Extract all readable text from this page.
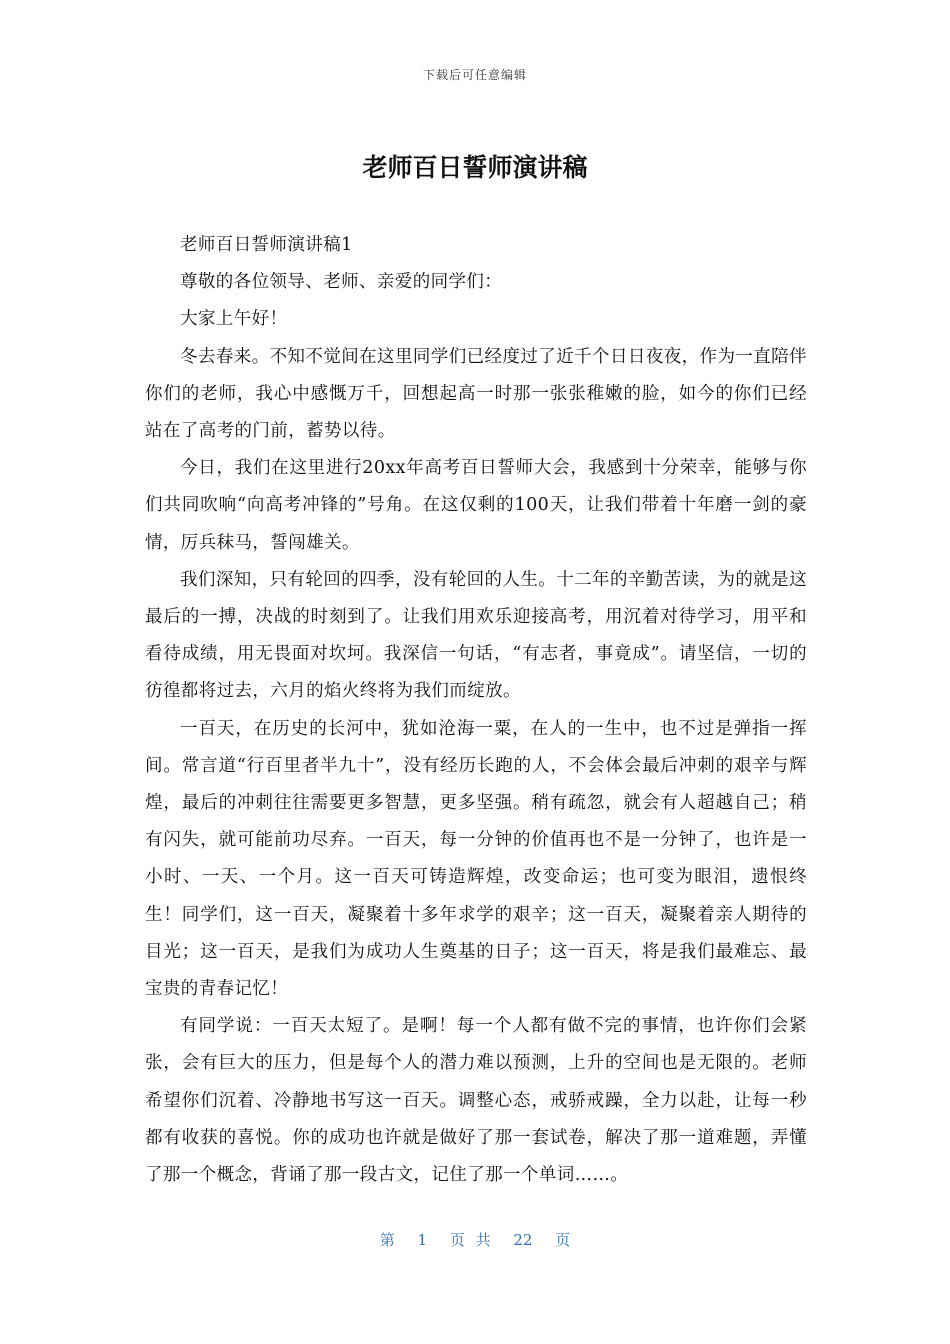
下载后可任意编辑
老师百日誓师演讲稿

老师百日誓师演讲稿1

尊敬的各位领导、老师、亲爱的同学们：

大家上午好！

冬去春来。不知不觉间在这里同学们已经度过了近千个日日夜夜，作为一直陪伴你们的老师，我心中感慨万千，回想起高一时那一张张稚嫩的脸，如今的你们已经站在了高考的门前，蓄势以待。

今日，我们在这里进行20xx年高考百日誓师大会，我感到十分荣幸，能够与你们共同吹响“向高考冲锋的”号角。在这仅剩的100天，让我们带着十年磨一剑的豪情，厉兵秣马，誓闯雄关。

我们深知，只有轮回的四季，没有轮回的人生。十二年的辛勤苦读，为的就是这最后的一搏，决战的时刻到了。让我们用欢乐迎接高考，用沉着对待学习，用平和看待成绩，用无畏面对坎坷。我深信一句话，“有志者，事竟成”。请坚信，一切的彷徨都将过去，六月的焰火终将为我们而绽放。

一百天，在历史的长河中，犹如沧海一粟，在人的一生中，也不过是弹指一挥间。常言道“行百里者半九十”，没有经历长跑的人，不会体会最后冲刺的艰辛与辉煌，最后的冲刺往往需要更多智慧，更多坚强。稍有疏忽，就会有人超越自己；稍有闪失，就可能前功尽弃。一百天，每一分钟的价值再也不是一分钟了，也许是一小时、一天、一个月。这一百天可铸造辉煌，改变命运；也可变为眼泪，遗恨终生！同学们，这一百天，凝聚着十多年求学的艰辛；这一百天，凝聚着亲人期待的目光；这一百天，是我们为成功人生奠基的日子；这一百天，将是我们最难忘、最宝贵的青春记忆！

有同学说：一百天太短了。是啊！每一个人都有做不完的事情，也许你们会紧张，会有巨大的压力，但是每个人的潜力难以预测，上升的空间也是无限的。老师希望你们沉着、冷静地书写这一百天。调整心态，戒骄戒躁，全力以赴，让每一秒都有收获的喜悦。你的成功也许就是做好了那一套试卷，解决了那一道难题，弄懂了那一个概念，背诵了那一段古文，记住了那一个单词……。

第 1 页 共 22 页
